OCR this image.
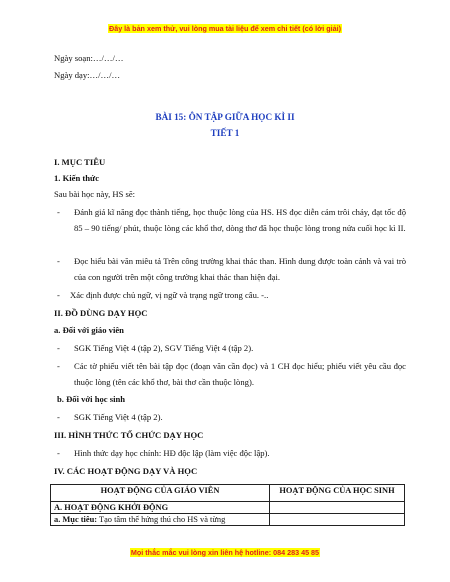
Đây là bản xem thử, vui lòng mua tài liệu để xem chi tiết (có lời giải)
Ngày soạn:…/…/…
Ngày dạy:…/…/…
BÀI 15: ÔN TẬP GIỮA HỌC KÌ II
TIẾT 1
I. MỤC TIÊU
1. Kiến thức
Sau bài học này, HS sẽ:
- Đánh giá kĩ năng đọc thành tiếng, học thuộc lòng của HS. HS đọc diễn cảm trôi chảy, đạt tốc độ 85 – 90 tiếng/ phút, thuộc lòng các khổ thơ, dòng thơ đã học thuộc lòng trong nửa cuối học kì II.
- Đọc hiểu bài văn miêu tả Trên công trường khai thác than. Hình dung được toàn cảnh và vai trò của con người trên một công trường khai thác than hiện đại.
- Xác định được chủ ngữ, vị ngữ và trạng ngữ trong câu. -..
II. ĐỒ DÙNG DẠY HỌC
a. Đối với giáo viên
- SGK Tiếng Việt 4 (tập 2), SGV Tiếng Việt 4 (tập 2).
- Các tờ phiếu viết tên bài tập đọc (đoạn văn cần đọc) và 1 CH đọc hiểu; phiếu viết yêu cầu đọc thuộc lòng (tên các khổ thơ, bài thơ cần thuộc lòng).
b. Đối với học sinh
- SGK Tiếng Việt 4 (tập 2).
III. HÌNH THỨC TỔ CHỨC DẠY HỌC
- Hình thức dạy học chính: HĐ độc lập (làm việc độc lập).
IV. CÁC HOẠT ĐỘNG DẠY VÀ HỌC
HOẠT ĐỘNG CỦA GIÁO VIÊN	HOẠT ĐỘNG CỦA HỌC SINH
A. HOẠT ĐỘNG KHỞI ĐỘNG	
a. Mục tiêu: Tạo tâm thế hứng thú cho HS và từng	
Mọi thắc mắc vui lòng xin liên hệ hotline: 084 283 45 85
